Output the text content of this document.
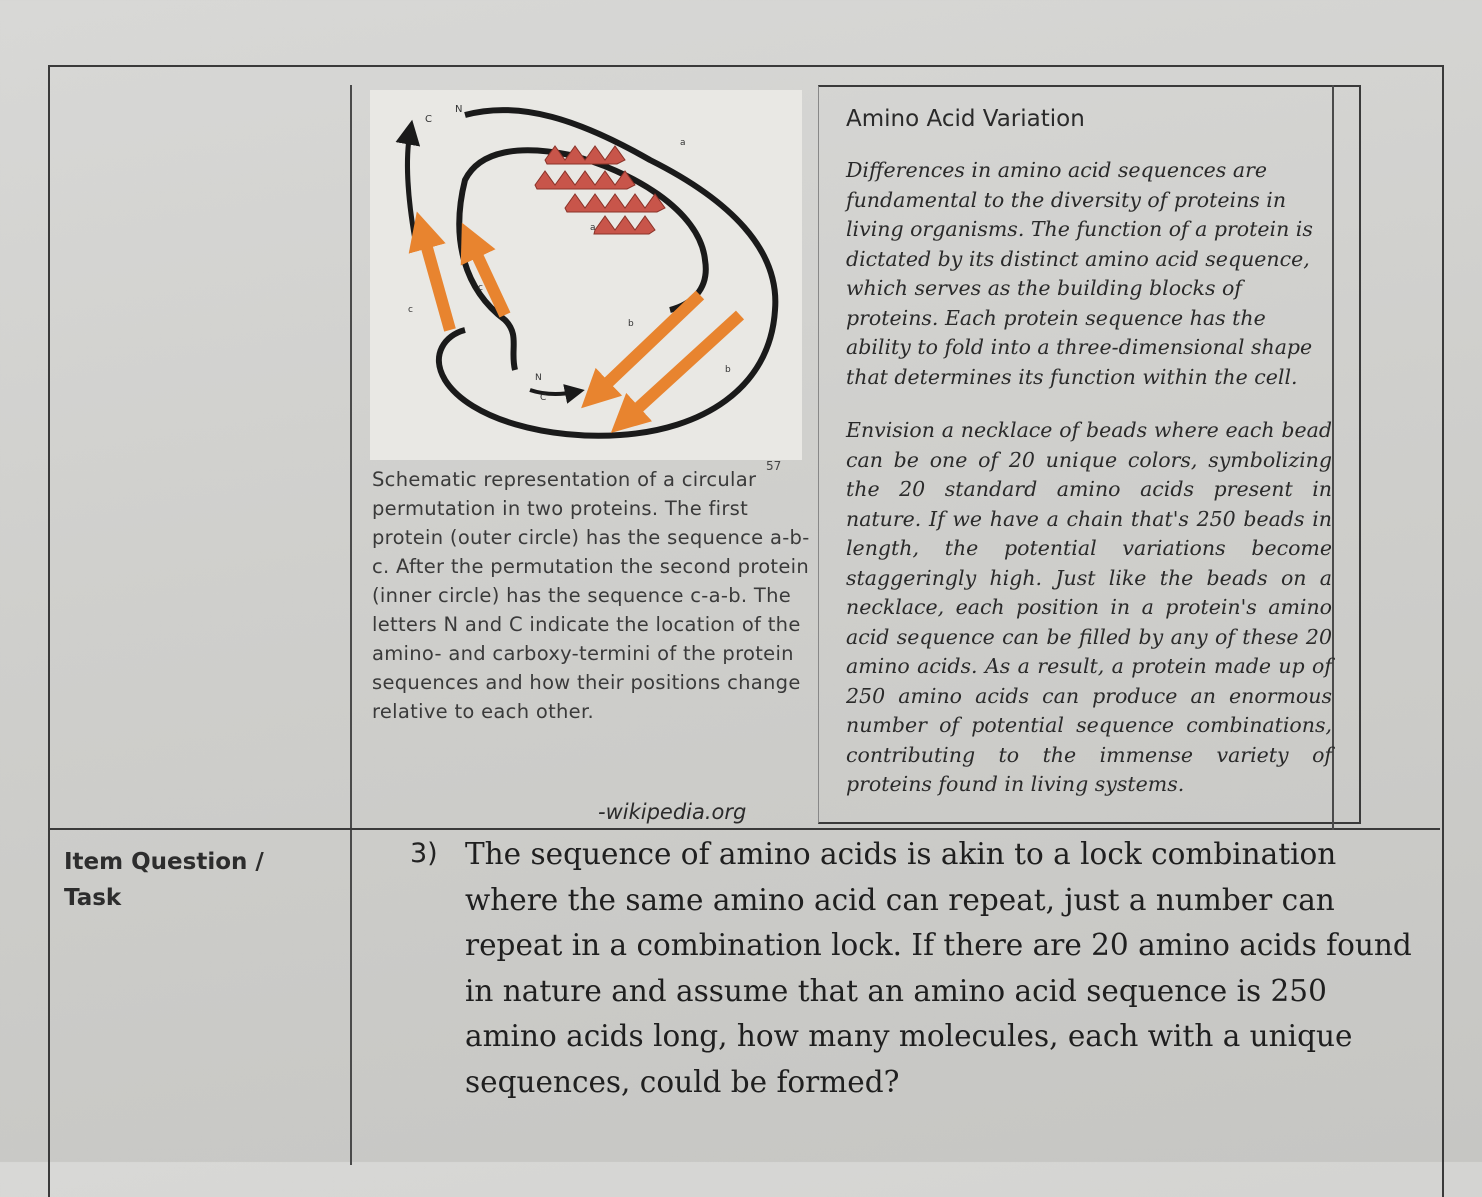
C
N
a
b
c
N
C
a
b
c
57
Schematic representation of a circular permutation in two proteins. The first protein (outer circle) has the sequence a-b-c. After the permutation the second protein (inner circle) has the sequence c-a-b. The letters N and C indicate the location of the amino- and carboxy-termini of the protein sequences and how their positions change relative to each other.
-wikipedia.org
Amino Acid Variation
Differences in amino acid sequences are fundamental to the diversity of proteins in living organisms. The function of a protein is dictated by its distinct amino acid sequence, which serves as the building blocks of proteins. Each protein sequence has the ability to fold into a three-dimensional shape that determines its function within the cell.
Envision a necklace of beads where each bead can be one of 20 unique colors, symbolizing the 20 standard amino acids present in nature. If we have a chain that's 250 beads in length, the potential variations become staggeringly high. Just like the beads on a necklace, each position in a protein's amino acid sequence can be filled by any of these 20 amino acids. As a result, a protein made up of 250 amino acids can produce an enormous number of potential sequence combinations, contributing to the immense variety of proteins found in living systems.
Item Question / Task
3) The sequence of amino acids is akin to a lock combination where the same amino acid can repeat, just a number can repeat in a combination lock. If there are 20 amino acids found in nature and assume that an amino acid sequence is 250 amino acids long, how many molecules, each with a unique sequences, could be formed?
